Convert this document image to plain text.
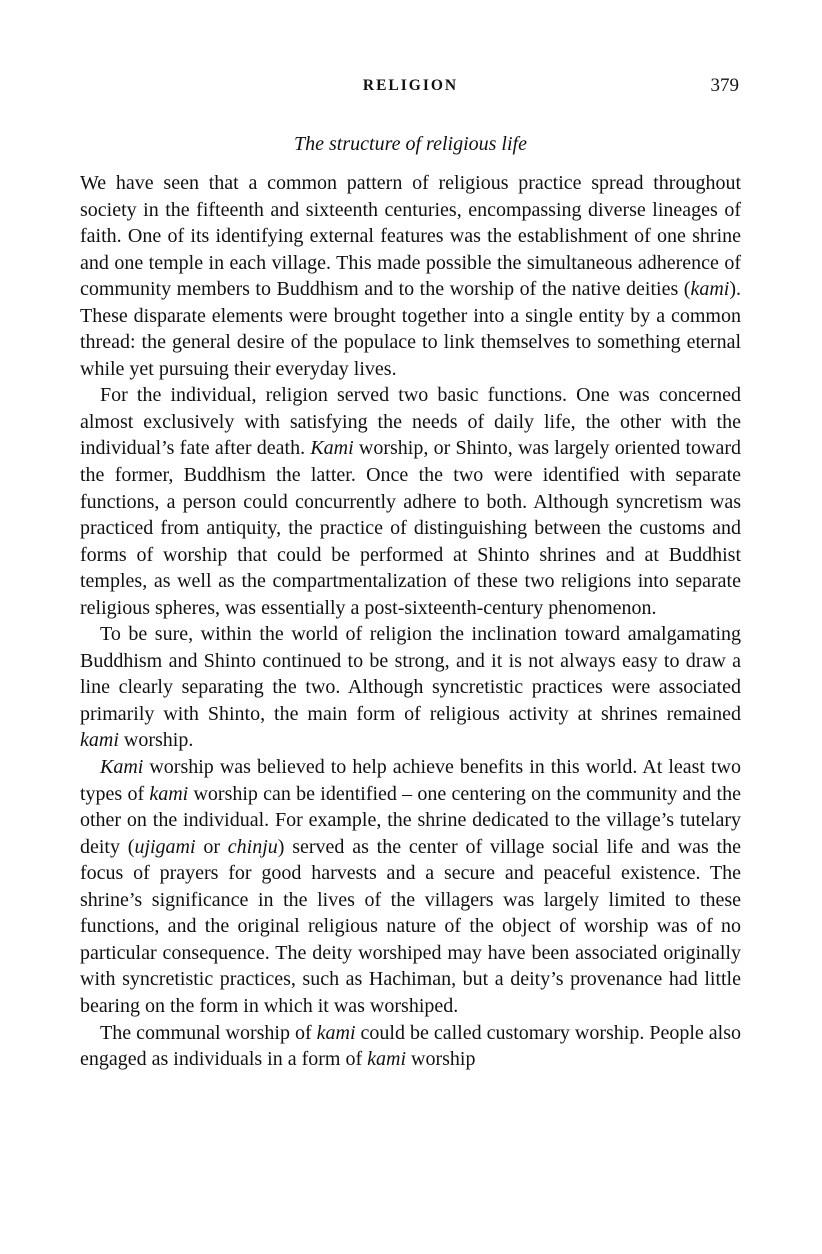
RELIGION	379
The structure of religious life

We have seen that a common pattern of religious practice spread throughout society in the fifteenth and sixteenth centuries, encompassing diverse lineages of faith. One of its identifying external features was the establishment of one shrine and one temple in each village. This made possible the simultaneous adherence of community members to Buddhism and to the worship of the native deities (kami). These disparate elements were brought together into a single entity by a common thread: the general desire of the populace to link themselves to something eternal while yet pursuing their everyday lives.

For the individual, religion served two basic functions. One was concerned almost exclusively with satisfying the needs of daily life, the other with the individual’s fate after death. Kami worship, or Shinto, was largely oriented toward the former, Buddhism the latter. Once the two were identified with separate functions, a person could concurrently adhere to both. Although syncretism was practiced from antiquity, the practice of distinguishing between the customs and forms of worship that could be performed at Shinto shrines and at Buddhist temples, as well as the compartmentalization of these two religions into separate religious spheres, was essentially a post-sixteenth-century phenomenon.

To be sure, within the world of religion the inclination toward amalgamating Buddhism and Shinto continued to be strong, and it is not always easy to draw a line clearly separating the two. Although syncretistic practices were associated primarily with Shinto, the main form of religious activity at shrines remained kami worship.

Kami worship was believed to help achieve benefits in this world. At least two types of kami worship can be identified – one centering on the community and the other on the individual. For example, the shrine dedicated to the village’s tutelary deity (ujigami or chinju) served as the center of village social life and was the focus of prayers for good harvests and a secure and peaceful existence. The shrine’s significance in the lives of the villagers was largely limited to these functions, and the original religious nature of the object of worship was of no particular consequence. The deity worshiped may have been associated originally with syncretistic practices, such as Hachiman, but a deity’s provenance had little bearing on the form in which it was worshiped.

The communal worship of kami could be called customary worship. People also engaged as individuals in a form of kami worship
